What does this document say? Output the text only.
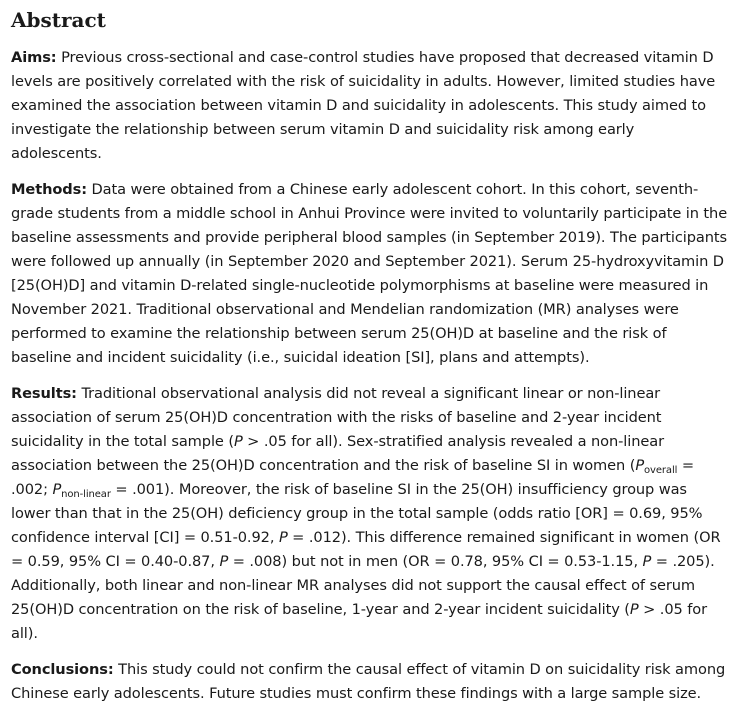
Abstract

Aims: Previous cross-sectional and case-control studies have proposed that decreased vitamin D levels are positively correlated with the risk of suicidality in adults. However, limited studies have examined the association between vitamin D and suicidality in adolescents. This study aimed to investigate the relationship between serum vitamin D and suicidality risk among early adolescents.

Methods: Data were obtained from a Chinese early adolescent cohort. In this cohort, seventh-grade students from a middle school in Anhui Province were invited to voluntarily participate in the baseline assessments and provide peripheral blood samples (in September 2019). The participants were followed up annually (in September 2020 and September 2021). Serum 25-hydroxyvitamin D [25(OH)D] and vitamin D-related single-nucleotide polymorphisms at baseline were measured in November 2021. Traditional observational and Mendelian randomization (MR) analyses were performed to examine the relationship between serum 25(OH)D at baseline and the risk of baseline and incident suicidality (i.e., suicidal ideation [SI], plans and attempts).

Results: Traditional observational analysis did not reveal a significant linear or non-linear association of serum 25(OH)D concentration with the risks of baseline and 2-year incident suicidality in the total sample (P > .05 for all). Sex-stratified analysis revealed a non-linear association between the 25(OH)D concentration and the risk of baseline SI in women ($P_{overall} = .002$; $P_{non-linear} = .001$). Moreover, the risk of baseline SI in the 25(OH) insufficiency group was lower than that in the 25(OH) deficiency group in the total sample (odds ratio [OR] = 0.69, 95% confidence interval [CI] = 0.51-0.92, P = .012). This difference remained significant in women (OR = 0.59, 95% CI = 0.40-0.87, P = .008) but not in men (OR = 0.78, 95% CI = 0.53-1.15, P = .205). Additionally, both linear and non-linear MR analyses did not support the causal effect of serum 25(OH)D concentration on the risk of baseline, 1-year and 2-year incident suicidality (P > .05 for all).

Conclusions: This study could not confirm the causal effect of vitamin D on suicidality risk among Chinese early adolescents. Future studies must confirm these findings with a large sample size.
